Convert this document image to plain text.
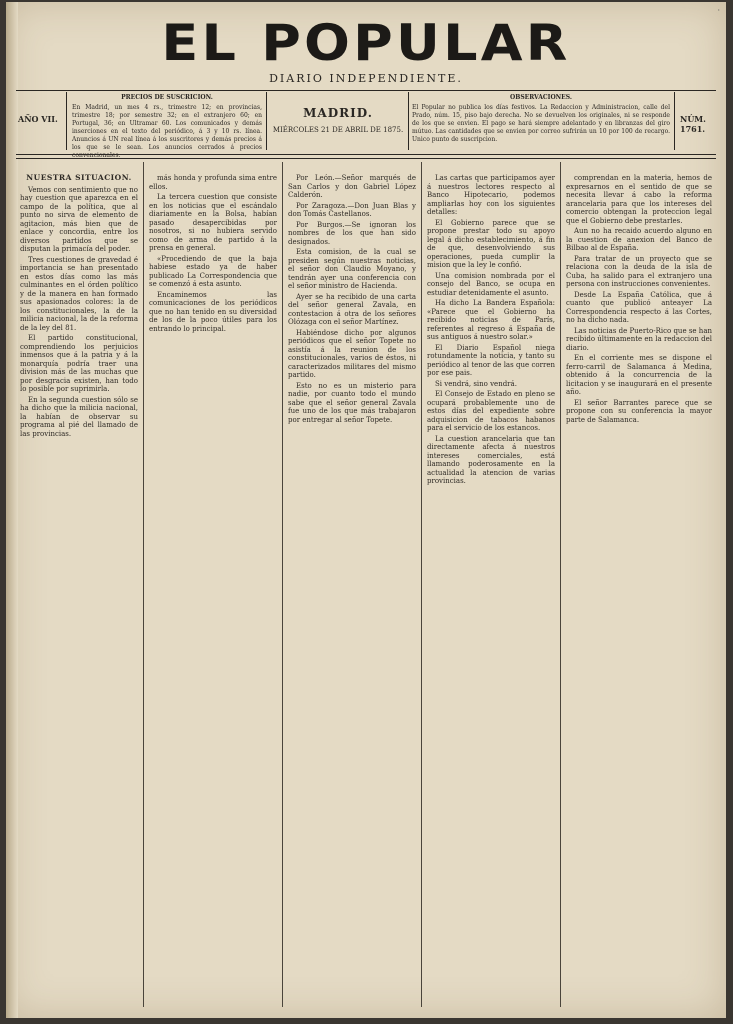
·
EL POPULAR
DIARIO INDEPENDIENTE.
AÑO VII.
PRECIOS DE SUSCRICION.
En Madrid, un mes 4 rs., trimestre 12; en provincias, trimestre 18; por semestre 32; en el extranjero 60; en Portugal, 36; en Ultramar 60. Los comunicados y demás inserciones en el texto del periódico, á 3 y 10 rs. línea. Anuncios á UN real línea á los suscritores y demás precios á los que se le sean. Los anuncios cerrados á precios convencionales.
MADRID.
MIÉRCOLES 21 DE ABRIL DE 1875.
OBSERVACIONES.
El Popular no publica los días festivos. La Redaccion y Administracion, calle del Prado, núm. 15, piso bajo derecha. No se devuelven los originales, ni se responde de los que se envien. El pago se hará siempre adelantado y en libranzas del giro mútuo. Las cantidades que se envien por correo sufrirán un 10 por 100 de recargo. Unico punto de suscripcion.
NÚM. 1761.
NUESTRA SITUACION.

Vemos con sentimiento que no hay cuestion que aparezca en el campo de la política, que al punto no sirva de elemento de agitacion, más bien que de enlace y concordia, entre los diversos partidos que se disputan la primacía del poder.

Tres cuestiones de gravedad é importancia se han presentado en estos días como las más culminantes en el órden político y de la manera en han formado sus apasionados colores: la de los constitucionales, la de la milicia nacional, la de la reforma de la ley del 81.

El partido constitucional, comprendiendo los perjuicios inmensos que á la patria y á la monarquía podría traer una division más de las muchas que por desgracia existen, han todo lo posible por suprimirla.

En la segunda cuestion sólo se ha dicho que la milicia nacional, la habían de observar su programa al pié del llamado de las provincias.

más honda y profunda sima entre ellos.

La tercera cuestion que consiste en los noticias que el escándalo diariamente en la Bolsa, habían pasado desapercibidas por nosotros, si no hubiera servido como de arma de partido á la prensa en general.

«Procediendo de que la baja habiese estado ya de haber publicado La Correspondencia que se comenzó á esta asunto.

Encaminemos las comunicaciones de los periódicos que no han tenido en su diversidad de los de la poco útiles para los entrando lo principal.

Por León.—Señor marqués de San Carlos y don Gabriel López Calderón.

Por Zaragoza.—Don Juan Blas y don Tomás Castellanos.

Por Burgos.—Se ignoran los nombres de los que han sido designados.

Esta comision, de la cual se presiden según nuestras noticias, el señor don Claudio Moyano, y tendrán ayer una conferencia con el señor ministro de Hacienda.

Ayer se ha recibido de una carta del señor general Zavala, en contestacion á otra de los señores Olózaga con el señor Martínez.

Habiéndose dicho por algunos periódicos que el señor Topete no asistía á la reunion de los constitucionales, varios de éstos, ni caracterizados militares del mismo partido.

Esto no es un misterio para nadie, por cuanto todo el mundo sabe que el señor general Zavala fue uno de los que más trabajaron por entregar al señor Topete.

Las cartas que participamos ayer á nuestros lectores respecto al Banco Hipotecario, podemos ampliarlas hoy con los siguientes detalles:

El Gobierno parece que se propone prestar todo su apoyo legal á dicho establecimiento, á fin de que, desenvolviendo sus operaciones, pueda cumplir la mision que la ley le confió.

Una comision nombrada por el consejo del Banco, se ocupa en estudiar detenidamente el asunto.

Ha dicho La Bandera Española: «Parece que el Gobierno ha recibido noticias de París, referentes al regreso á España de sus antiguos á nuestro solar.»

El Diario Español niega rotundamente la noticia, y tanto su periódico al tenor de las que corren por ese pais.

Si vendrá, sino vendrá.

El Consejo de Estado en pleno se ocupará probablemente uno de estos días del expediente sobre adquisicion de tabacos habanos para el servicio de los estancos.

La cuestion arancelaria que tan directamente afecta á nuestros intereses comerciales, está llamando poderosamente en la actualidad la atencion de varias provincias.

comprendan en la materia, hemos de expresarnos en el sentido de que se necesita llevar á cabo la reforma arancelaria para que los intereses del comercio obtengan la proteccion legal que el Gobierno debe prestarles.

Aun no ha recaido acuerdo alguno en la cuestion de anexion del Banco de Bilbao al de España.

Para tratar de un proyecto que se relaciona con la deuda de la isla de Cuba, ha salido para el extranjero una persona con instrucciones convenientes.

Desde La España Católica, que á cuanto que publicó anteayer La Correspondencia respecto á las Cortes, no ha dicho nada.

Las noticias de Puerto-Rico que se han recibido últimamente en la redaccion del diario.

En el corriente mes se dispone el ferro-carril de Salamanca á Medina, obtenido á la concurrencia de la licitacion y se inaugurará en el presente año.

El señor Barrantes parece que se propone con su conferencia la mayor parte de Salamanca.
